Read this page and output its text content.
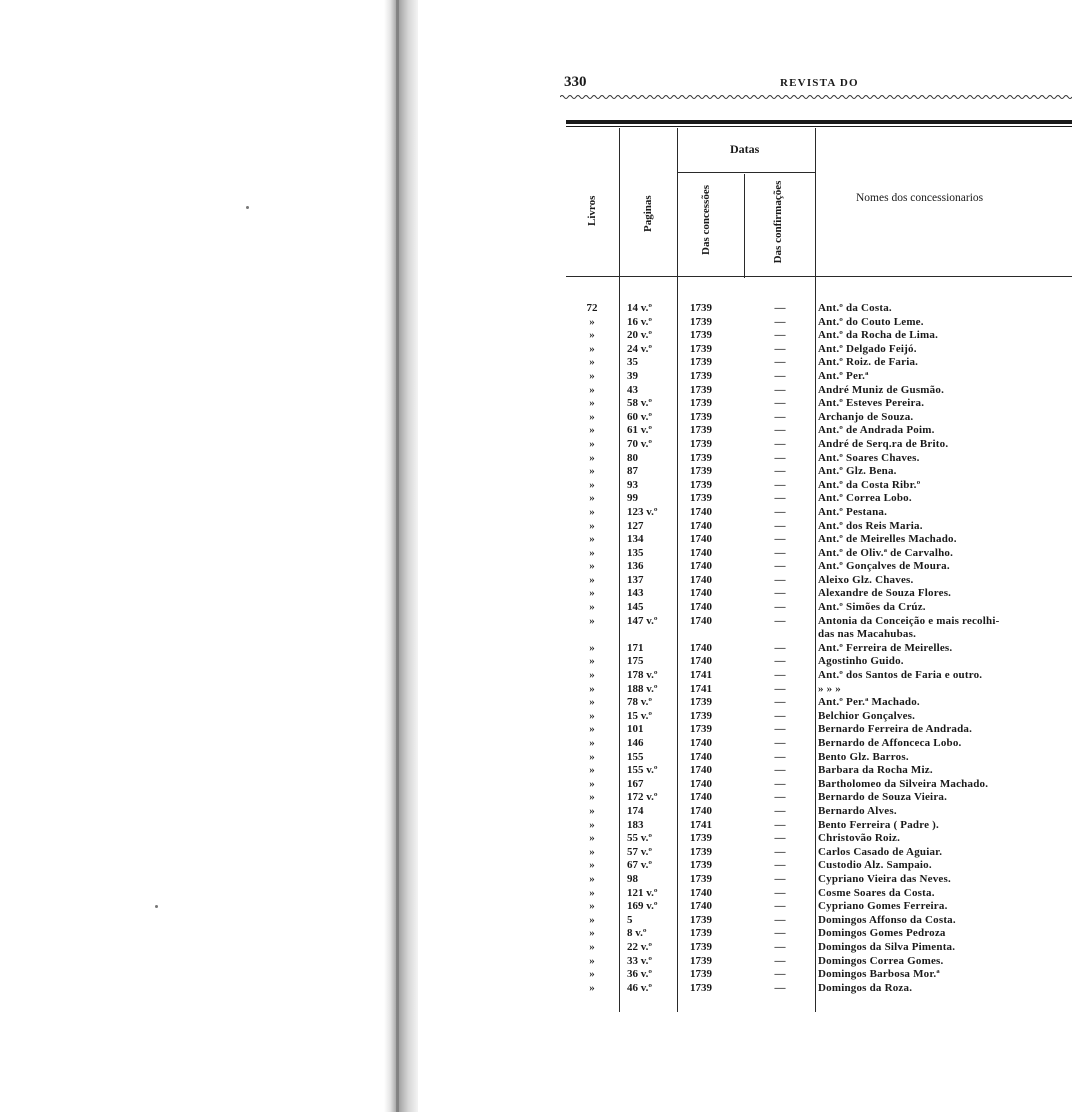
330	REVISTA DO
Livros	Paginas
Datas
Das concessões	Das confirmações	Nomes dos concessionarios
72	14 v.º	1739	—	Ant.º da Costa.
»	16 v.º	1739	—	Ant.º do Couto Leme.
»	20 v.º	1739	—	Ant.º da Rocha de Lima.
»	24 v.º	1739	—	Ant.º Delgado Feijó.
»	35	1739	—	Ant.º Roiz. de Faria.
»	39	1739	—	Ant.º Per.ª
»	43	1739	—	André Muniz de Gusmão.
»	58 v.º	1739	—	Ant.º Esteves Pereira.
»	60 v.º	1739	—	Archanjo de Souza.
»	61 v.º	1739	—	Ant.º de Andrada Poim.
»	70 v.º	1739	—	André de Serq.ra de Brito.
»	80	1739	—	Ant.º Soares Chaves.
»	87	1739	—	Ant.º Glz. Bena.
»	93	1739	—	Ant.º da Costa Ribr.º
»	99	1739	—	Ant.º Correa Lobo.
»	123 v.º	1740	—	Ant.º Pestana.
»	127	1740	—	Ant.º dos Reis Maria.
»	134	1740	—	Ant.º de Meirelles Machado.
»	135	1740	—	Ant.º de Oliv.ª de Carvalho.
»	136	1740	—	Ant.º Gonçalves de Moura.
»	137	1740	—	Aleixo Glz. Chaves.
»	143	1740	—	Alexandre de Souza Flores.
»	145	1740	—	Ant.º Simões da Crúz.
»	147 v.º	1740	—	Antonia da Conceição e mais recolhi-
das nas Macahubas.
»	171	1740	—	Ant.º Ferreira de Meirelles.
»	175	1740	—	Agostinho Guido.
»	178 v.º	1741	—	Ant.º dos Santos de Faria e outro.
»	188 v.º	1741	—	» » »
»	78 v.º	1739	—	Ant.º Per.ª Machado.
»	15 v.º	1739	—	Belchior Gonçalves.
»	101	1739	—	Bernardo Ferreira de Andrada.
»	146	1740	—	Bernardo de Affonceca Lobo.
»	155	1740	—	Bento Glz. Barros.
»	155 v.º	1740	—	Barbara da Rocha Miz.
»	167	1740	—	Bartholomeo da Silveira Machado.
»	172 v.º	1740	—	Bernardo de Souza Vieira.
»	174	1740	—	Bernardo Alves.
»	183	1741	—	Bento Ferreira ( Padre ).
»	55 v.º	1739	—	Christovão Roiz.
»	57 v.º	1739	—	Carlos Casado de Aguiar.
»	67 v.º	1739	—	Custodio Alz. Sampaio.
»	98	1739	—	Cypriano Vieira das Neves.
»	121 v.º	1740	—	Cosme Soares da Costa.
»	169 v.º	1740	—	Cypriano Gomes Ferreira.
»	5	1739	—	Domingos Affonso da Costa.
»	8 v.º	1739	—	Domingos Gomes Pedroza
»	22 v.º	1739	—	Domingos da Silva Pimenta.
»	33 v.º	1739	—	Domingos Correa Gomes.
»	36 v.º	1739	—	Domingos Barbosa Mor.ª
»	46 v.º	1739	—	Domingos da Roza.
